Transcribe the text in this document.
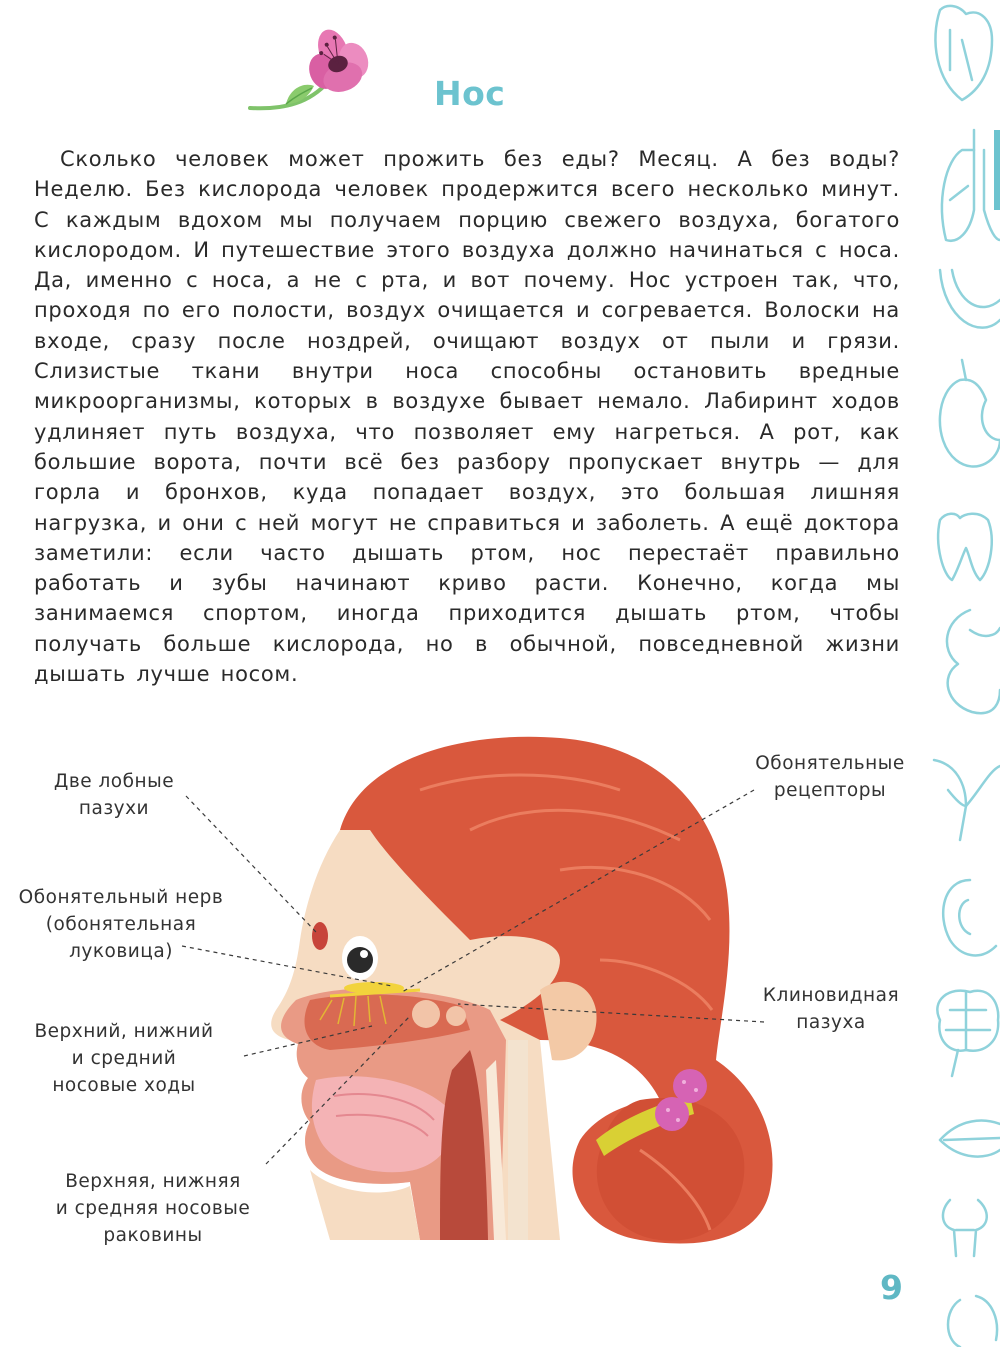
Нос

Сколько человек может прожить без еды? Месяц. А без воды? Неделю. Без кислорода человек продержится всего несколько минут. С каждым вдохом мы получаем порцию свежего воздуха, богатого кислородом. И путешествие этого воздуха должно начинаться с носа. Да, именно с носа, а не с рта, и вот почему. Нос устроен так, что, проходя по его полости, воздух очищается и согревается. Волоски на входе, сразу после ноздрей, очищают воздух от пыли и грязи. Слизистые ткани внутри носа способны остановить вредные микроорганизмы, которых в воздухе бывает немало. Лабиринт ходов удлиняет путь воздуха, что позволяет ему нагреться. А рот, как большие ворота, почти всё без разбору пропускает внутрь — для горла и бронхов, куда попадает воздух, это большая лишняя нагрузка, и они с ней могут не справиться и заболеть. А ещё доктора заметили: если часто дышать ртом, нос перестаёт правильно работать и зубы начинают криво расти. Конечно, когда мы занимаемся спортом, иногда приходится дышать ртом, чтобы получать больше кислорода, но в обычной, повседневной жизни дышать лучше носом.

Две лобные
пазухи
Обонятельный нерв
(обонятельная
луковица)
Верхний, нижний
и средний
носовые ходы
Верхняя, нижняя
и средняя носовые
раковины
Обонятельные
рецепторы
Клиновидная
пазуха
9
